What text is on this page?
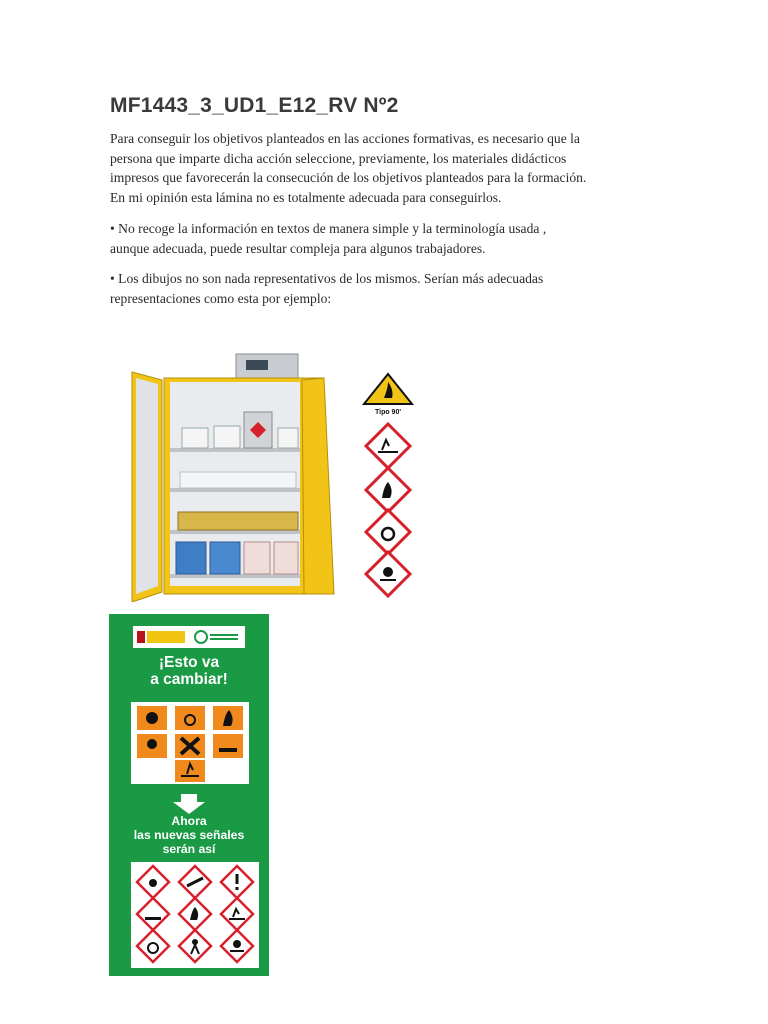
MF1443_3_UD1_E12_RV Nº2
Para conseguir los objetivos planteados en las acciones formativas, es necesario que la
persona que imparte dicha acción seleccione, previamente, los materiales didácticos
impresos que favorecerán la consecución de los objetivos planteados para la formación.
En mi opinión esta lámina no es totalmente adecuada para conseguirlos.
• No recoge la información en textos de manera simple y la terminología usada ,
aunque adecuada, puede resultar compleja para algunos trabajadores.
• Los dibujos no son nada representativos de los mismos. Serían más adecuadas
representaciones como esta por ejemplo:
Tipo 90'
¡Esto va
a cambiar!
Ahora
las nuevas señales
serán así
